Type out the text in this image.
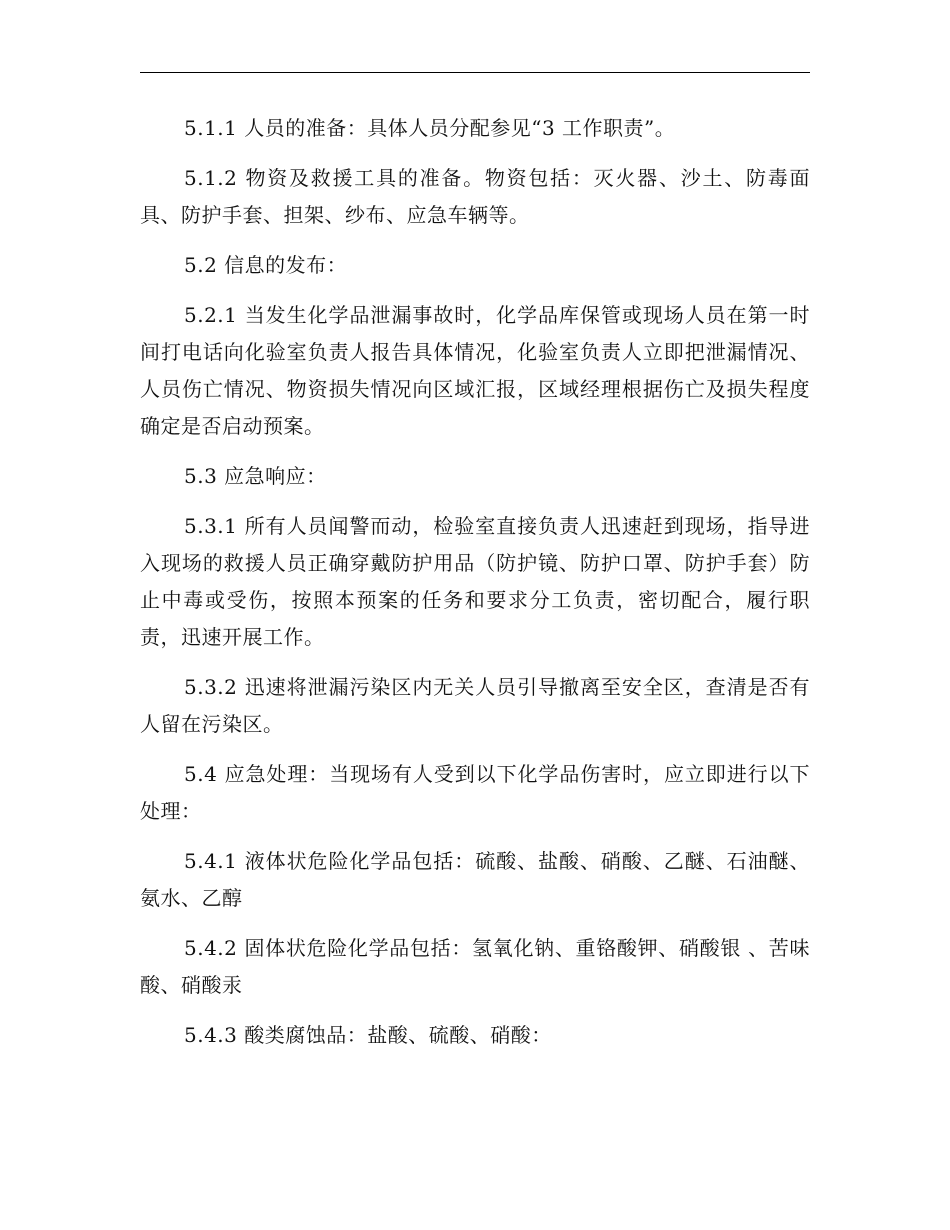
5.1.1 人员的准备：具体人员分配参见“3 工作职责”。

5.1.2 物资及救援工具的准备。物资包括：灭火器、沙土、防毒面具、防护手套、担架、纱布、应急车辆等。

5.2 信息的发布：

5.2.1 当发生化学品泄漏事故时，化学品库保管或现场人员在第一时间打电话向化验室负责人报告具体情况，化验室负责人立即把泄漏情况、人员伤亡情况、物资损失情况向区域汇报，区域经理根据伤亡及损失程度确定是否启动预案。

5.3 应急响应：

5.3.1 所有人员闻警而动，检验室直接负责人迅速赶到现场，指导进入现场的救援人员正确穿戴防护用品（防护镜、防护口罩、防护手套）防止中毒或受伤，按照本预案的任务和要求分工负责，密切配合，履行职责，迅速开展工作。

5.3.2 迅速将泄漏污染区内无关人员引导撤离至安全区，查清是否有人留在污染区。

5.4 应急处理：当现场有人受到以下化学品伤害时，应立即进行以下处理：

5.4.1 液体状危险化学品包括：硫酸、盐酸、硝酸、乙醚、石油醚、氨水、乙醇

5.4.2 固体状危险化学品包括：氢氧化钠、重铬酸钾、硝酸银 、苦味酸、硝酸汞

5.4.3 酸类腐蚀品：盐酸、硫酸、硝酸：
